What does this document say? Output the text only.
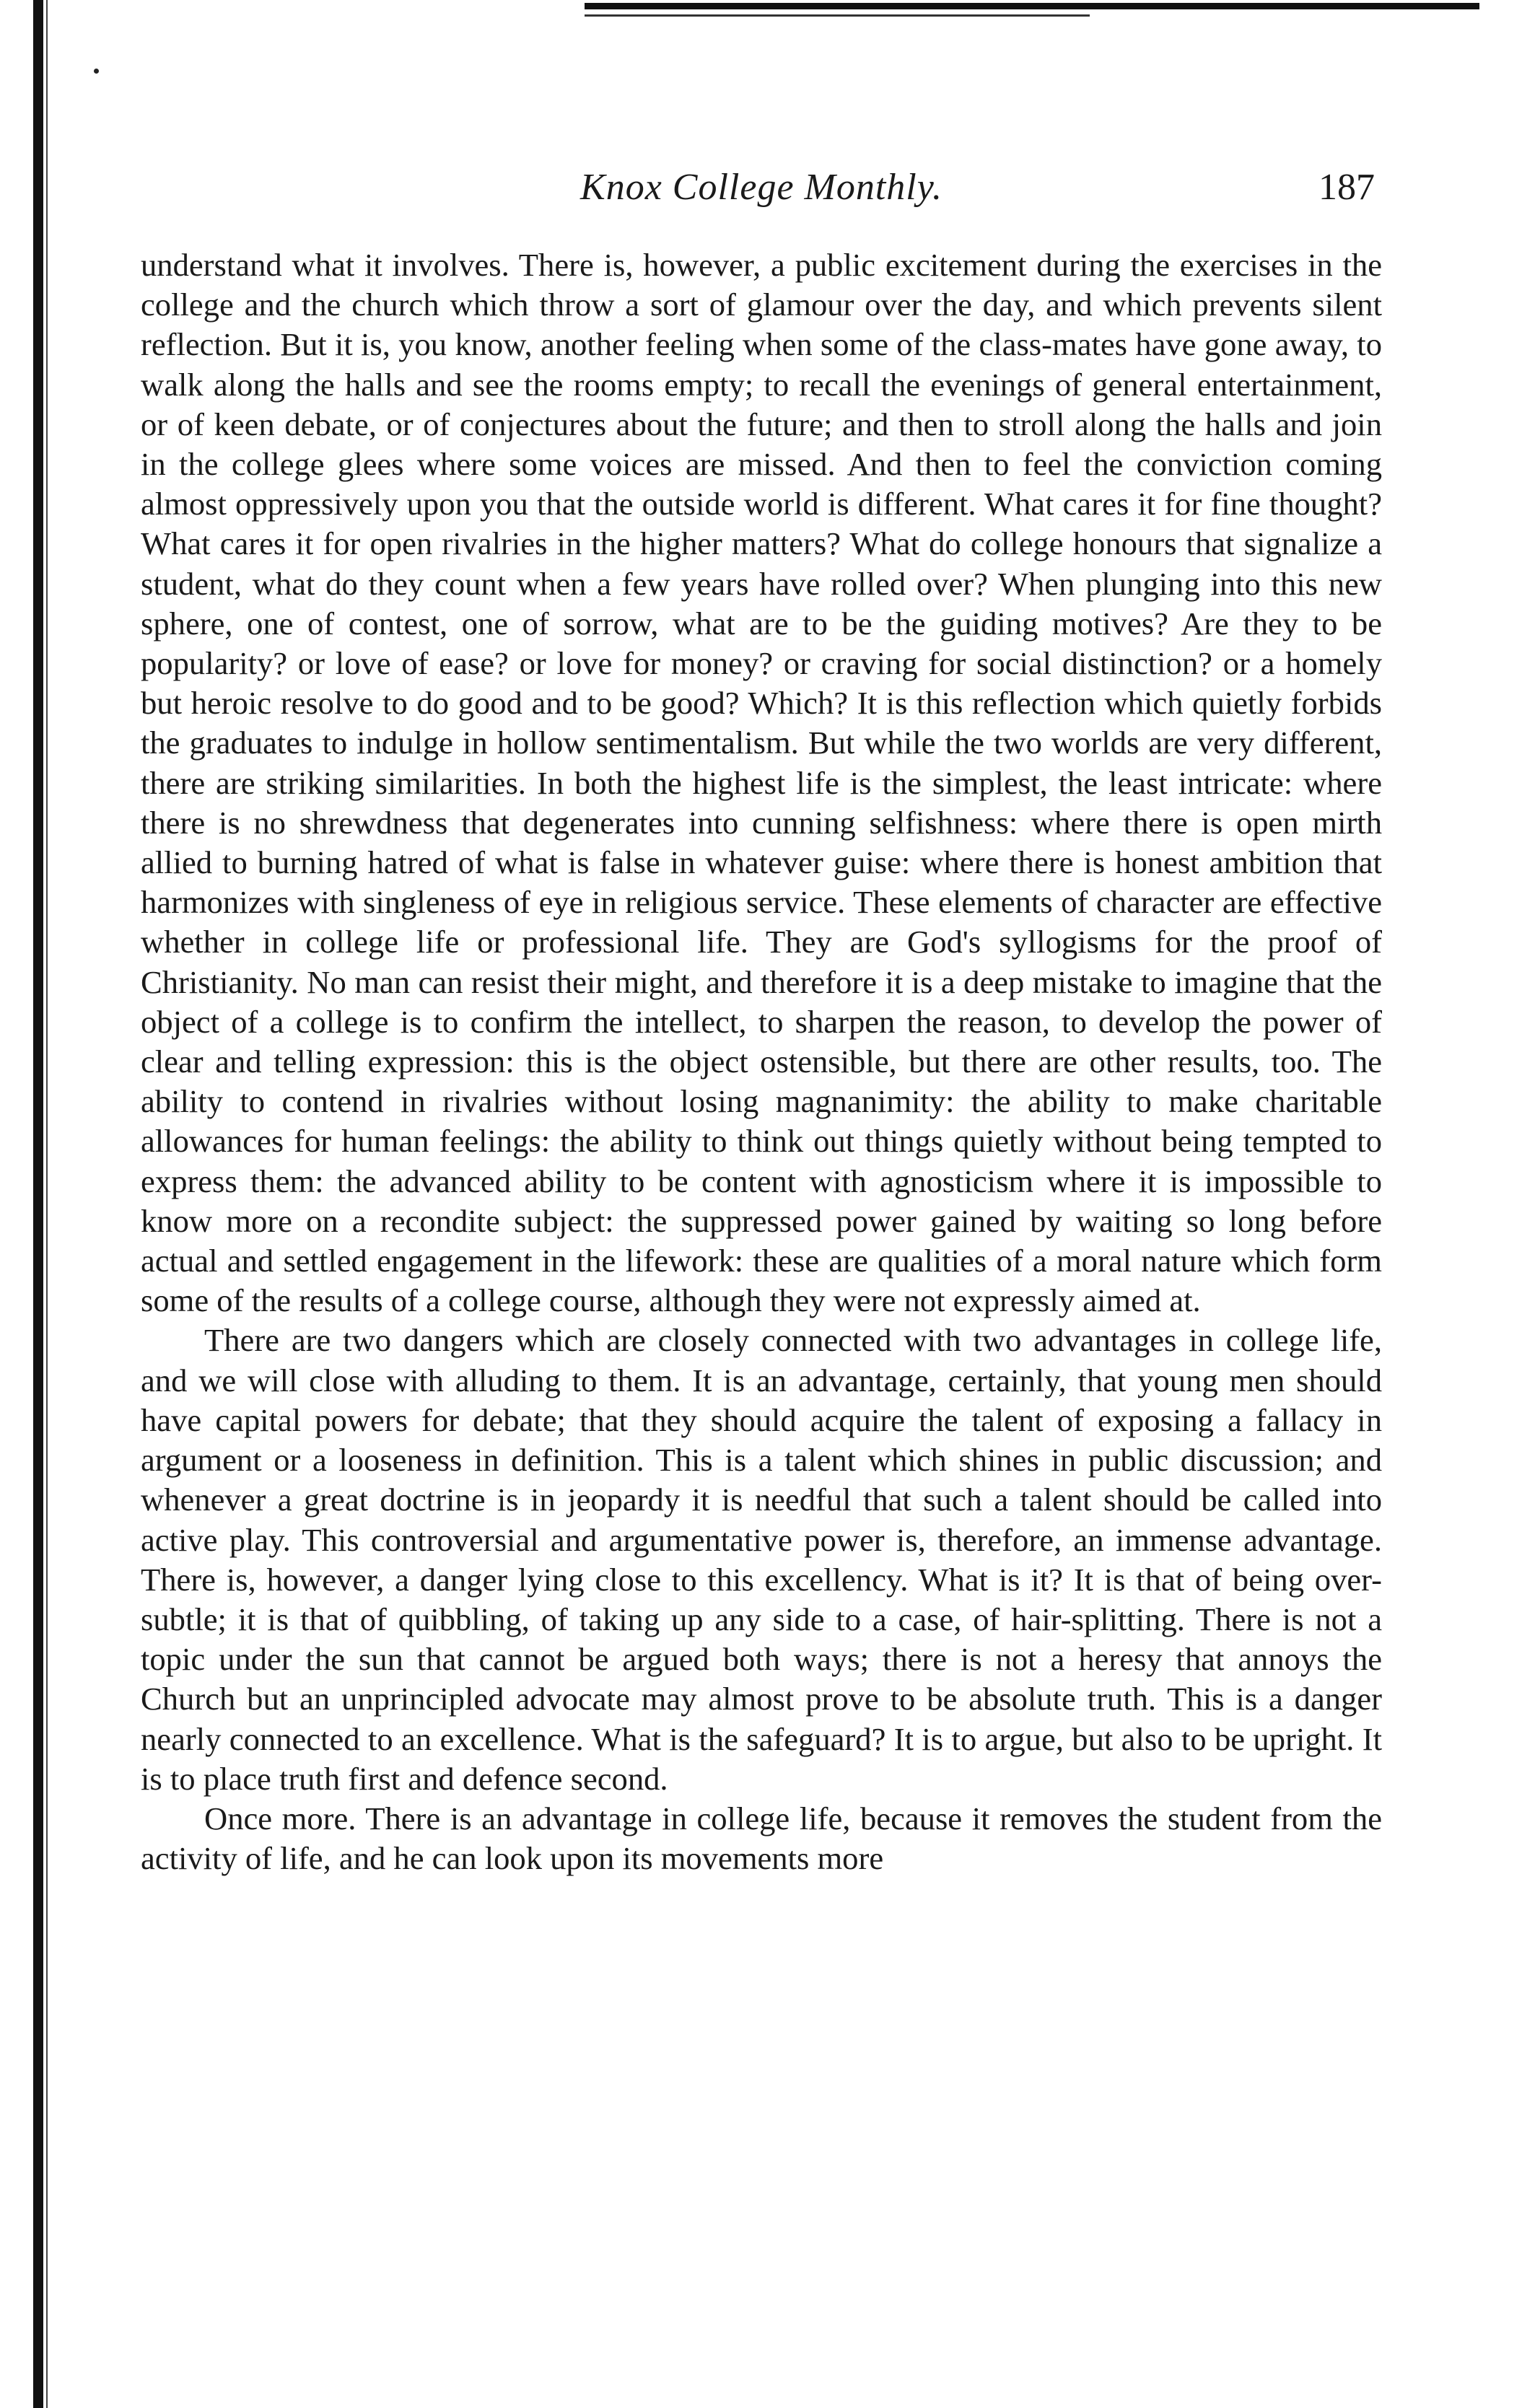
Knox College Monthly.	187

understand what it involves. There is, however, a public excitement during the exercises in the college and the church which throw a sort of glamour over the day, and which prevents silent reflection. But it is, you know, another feeling when some of the class-mates have gone away, to walk along the halls and see the rooms empty; to recall the evenings of general entertainment, or of keen debate, or of conjectures about the future; and then to stroll along the halls and join in the college glees where some voices are missed. And then to feel the conviction coming almost oppressively upon you that the outside world is different. What cares it for fine thought? What cares it for open rivalries in the higher matters? What do college honours that signalize a student, what do they count when a few years have rolled over? When plunging into this new sphere, one of contest, one of sorrow, what are to be the guiding motives? Are they to be popularity? or love of ease? or love for money? or craving for social distinction? or a homely but heroic resolve to do good and to be good? Which? It is this reflection which quietly forbids the graduates to indulge in hollow sentimentalism. But while the two worlds are very different, there are striking similarities. In both the highest life is the simplest, the least intricate: where there is no shrewdness that degenerates into cunning selfishness: where there is open mirth allied to burning hatred of what is false in whatever guise: where there is honest ambition that harmonizes with singleness of eye in religious service. These elements of character are effective whether in college life or professional life. They are God's syllogisms for the proof of Christianity. No man can resist their might, and therefore it is a deep mistake to imagine that the object of a college is to confirm the intellect, to sharpen the reason, to develop the power of clear and telling expression: this is the object ostensible, but there are other results, too. The ability to contend in rivalries without losing magnanimity: the ability to make charitable allowances for human feelings: the ability to think out things quietly without being tempted to express them: the advanced ability to be content with agnosticism where it is impossible to know more on a recondite subject: the suppressed power gained by waiting so long before actual and settled engagement in the lifework: these are qualities of a moral nature which form some of the results of a college course, although they were not expressly aimed at.

There are two dangers which are closely connected with two advantages in college life, and we will close with alluding to them. It is an advantage, certainly, that young men should have capital powers for debate; that they should acquire the talent of exposing a fallacy in argument or a looseness in definition. This is a talent which shines in public discussion; and whenever a great doctrine is in jeopardy it is needful that such a talent should be called into active play. This controversial and argumentative power is, therefore, an immense advantage. There is, however, a danger lying close to this excellency. What is it? It is that of being over-subtle; it is that of quibbling, of taking up any side to a case, of hair-splitting. There is not a topic under the sun that cannot be argued both ways; there is not a heresy that annoys the Church but an unprincipled advocate may almost prove to be absolute truth. This is a danger nearly connected to an excellence. What is the safeguard? It is to argue, but also to be upright. It is to place truth first and defence second.

Once more. There is an advantage in college life, because it removes the student from the activity of life, and he can look upon its movements more
